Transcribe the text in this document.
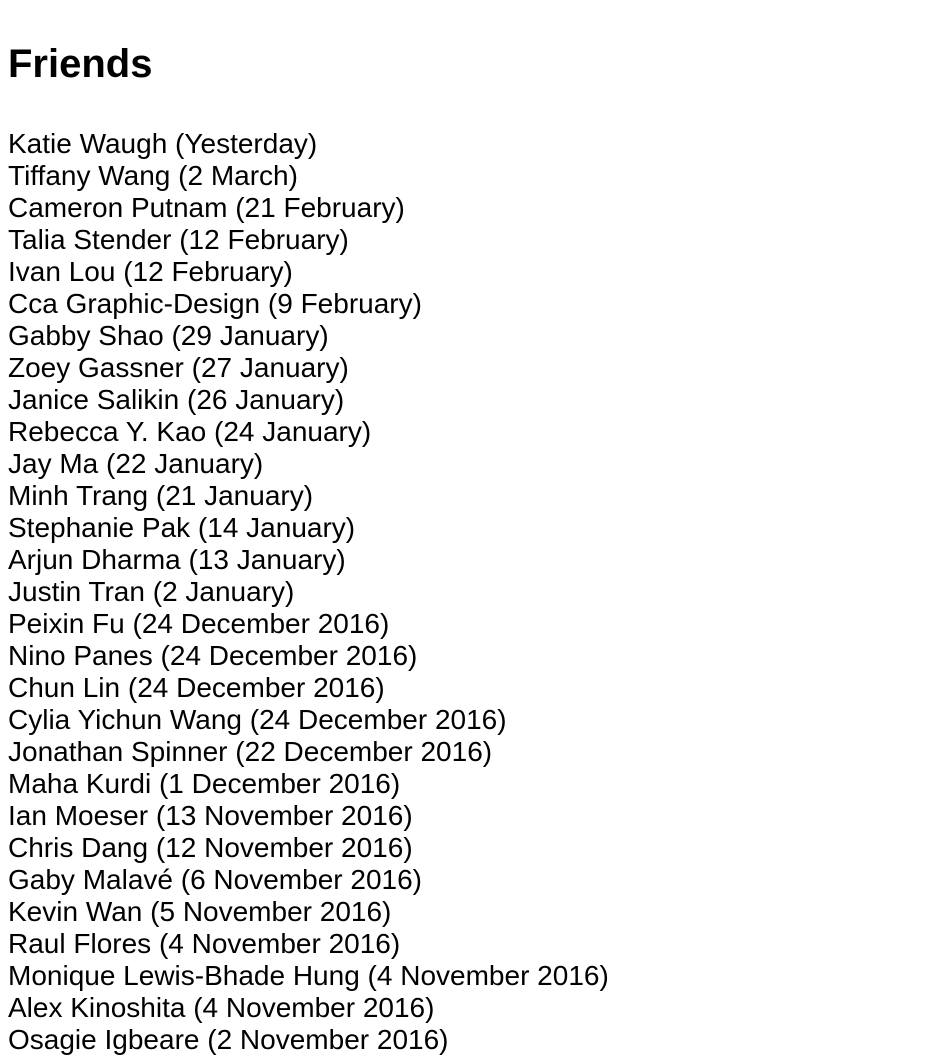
Friends
Katie Waugh (Yesterday)
Tiffany Wang (2 March)
Cameron Putnam (21 February)
Talia Stender (12 February)
Ivan Lou (12 February)
Cca Graphic-Design (9 February)
Gabby Shao (29 January)
Zoey Gassner (27 January)
Janice Salikin (26 January)
Rebecca Y. Kao (24 January)
Jay Ma (22 January)
Minh Trang (21 January)
Stephanie Pak (14 January)
Arjun Dharma (13 January)
Justin Tran (2 January)
Peixin Fu (24 December 2016)
Nino Panes (24 December 2016)
Chun Lin (24 December 2016)
Cylia Yichun Wang (24 December 2016)
Jonathan Spinner (22 December 2016)
Maha Kurdi (1 December 2016)
Ian Moeser (13 November 2016)
Chris Dang (12 November 2016)
Gaby Malavé (6 November 2016)
Kevin Wan (5 November 2016)
Raul Flores (4 November 2016)
Monique Lewis-Bhade Hung (4 November 2016)
Alex Kinoshita (4 November 2016)
Osagie Igbeare (2 November 2016)
